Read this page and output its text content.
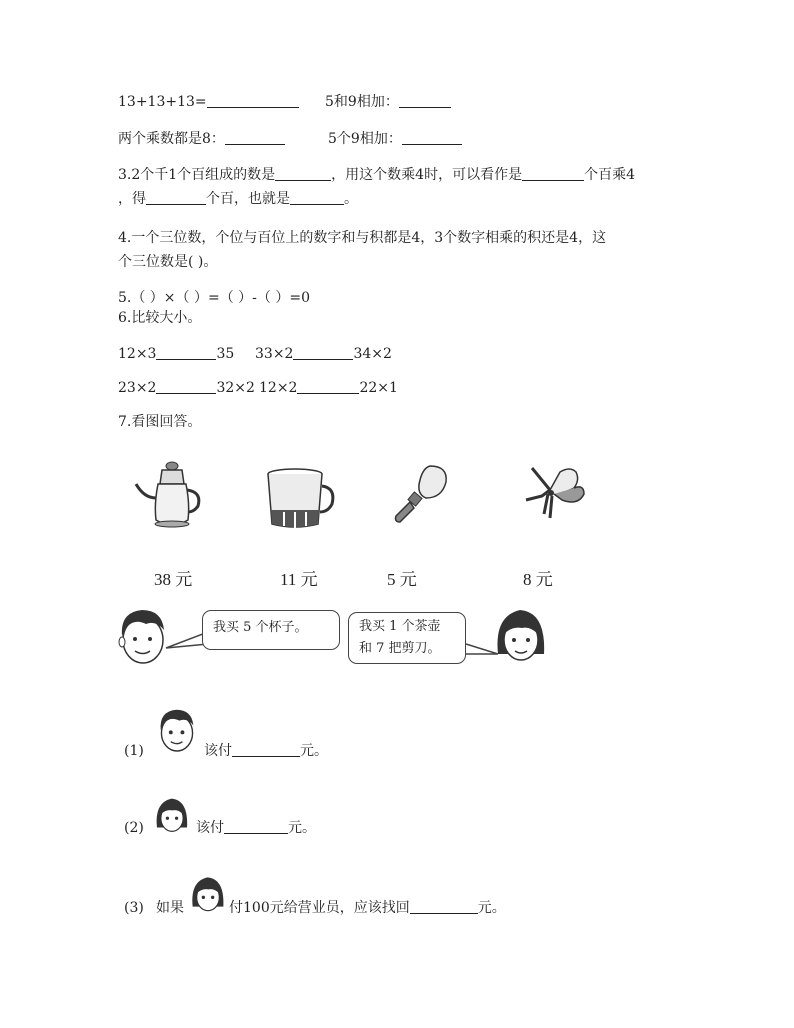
13+13+13=	5和9相加：
两个乘数都是8：	5个9相加：
3.2个千1个百组成的数是	，用这个数乘4时，可以看作是	个百乘4
，得	个百，也就是	。
4.一个三位数，个位与百位上的数字和与积都是4，3个数字相乘的积还是4，这
个三位数是( )。
5.（ ）×（ ）=（ ）-（ ）=0
6.比较大小。
12×3	35 33×2	34×2
23×2	32×2 12×2	22×1
7.看图回答。
38 元	11 元	5 元	8 元
我买 5 个杯子。	我买 1 个茶壶
和 7 把剪刀。
(1)	该付	元。
(2)	该付	元。
(3) 如果	付100元给营业员，应该找回	元。
